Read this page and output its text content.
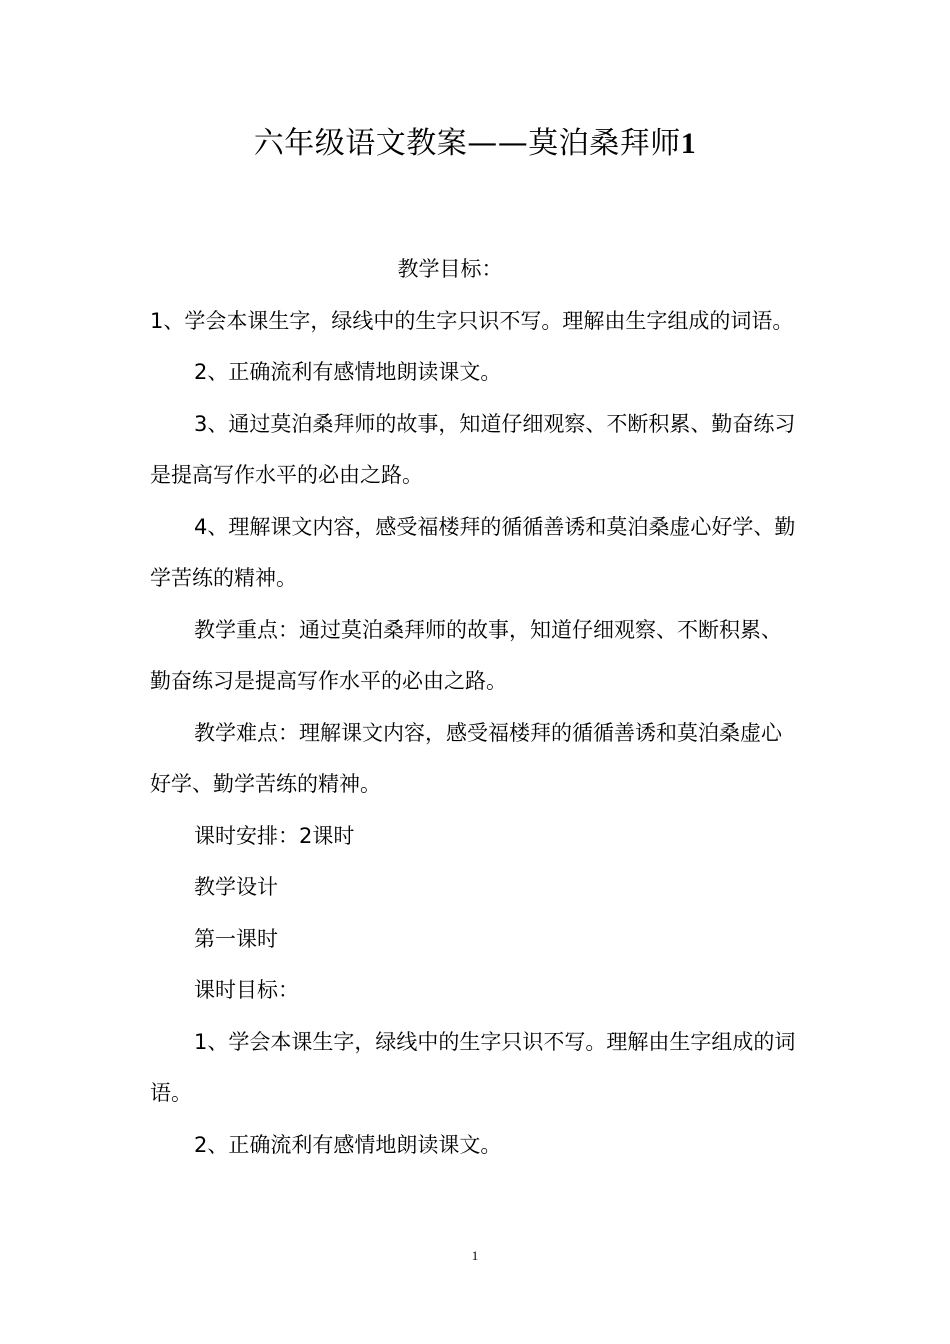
六年级语文教案——莫泊桑拜师1

教学目标：

1、学会本课生字，绿线中的生字只识不写。理解由生字组成的词语。

2、正确流利有感情地朗读课文。

3、通过莫泊桑拜师的故事，知道仔细观察、不断积累、勤奋练习是提高写作水平的必由之路。

4、理解课文内容，感受福楼拜的循循善诱和莫泊桑虚心好学、勤学苦练的精神。

教学重点：通过莫泊桑拜师的故事，知道仔细观察、不断积累、勤奋练习是提高写作水平的必由之路。

教学难点：理解课文内容，感受福楼拜的循循善诱和莫泊桑虚心好学、勤学苦练的精神。

课时安排：2课时

教学设计

第一课时

课时目标：

1、学会本课生字，绿线中的生字只识不写。理解由生字组成的词语。

2、正确流利有感情地朗读课文。

1
